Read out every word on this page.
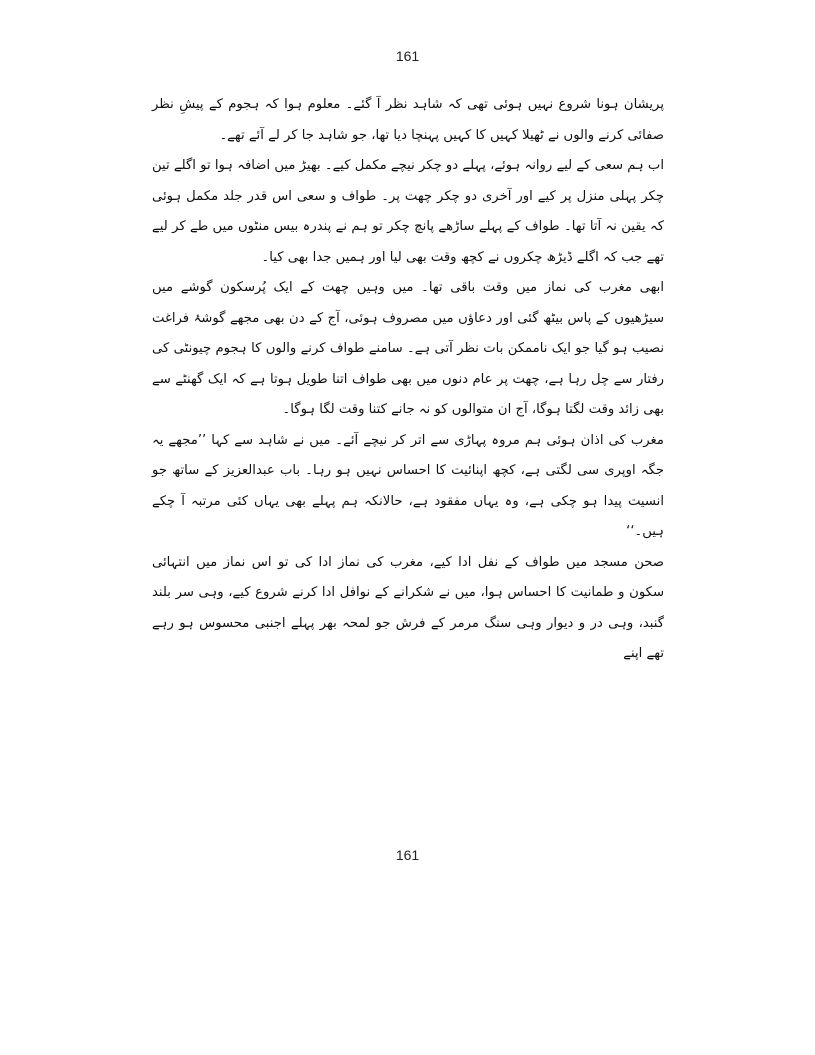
161

پریشان ہونا شروع نہیں ہوئی تھی کہ شاہد نظر آ گئے۔ معلوم ہوا کہ ہجوم کے پیشِ نظر صفائی کرنے والوں نے ٹھیلا کہیں کا کہیں پہنچا دیا تھا، جو شاہد جا کر لے آئے تھے۔

اب ہم سعی کے لیے روانہ ہوئے، پہلے دو چکر نیچے مکمل کیے۔ بھیڑ میں اضافہ ہوا تو اگلے تین چکر پہلی منزل پر کیے اور آخری دو چکر چھت پر۔ طواف و سعی اس قدر جلد مکمل ہوئی کہ یقین نہ آتا تھا۔ طواف کے پہلے ساڑھے پانچ چکر تو ہم نے پندرہ بیس منٹوں میں طے کر لیے تھے جب کہ اگلے ڈیڑھ چکروں نے کچھ وقت بھی لیا اور ہمیں جدا بھی کیا۔

ابھی مغرب کی نماز میں وقت باقی تھا۔ میں وہیں چھت کے ایک پُرسکون گوشے میں سیڑھیوں کے پاس بیٹھ گئی اور دعاؤں میں مصروف ہوئی، آج کے دن بھی مجھے گوشۂ فراغت نصیب ہو گیا جو ایک ناممکن بات نظر آتی ہے۔ سامنے طواف کرنے والوں کا ہجوم چیونٹی کی رفتار سے چل رہا ہے، چھت پر عام دنوں میں بھی طواف اتنا طویل ہوتا ہے کہ ایک گھنٹے سے بھی زائد وقت لگتا ہوگا، آج ان متوالوں کو نہ جانے کتنا وقت لگا ہوگا۔

مغرب کی اذان ہوئی ہم مروہ پہاڑی سے اتر کر نیچے آئے۔ میں نے شاہد سے کہا ’’مجھے یہ جگہ اوپری سی لگتی ہے، کچھ اپنائیت کا احساس نہیں ہو رہا۔ باب عبدالعزیز کے ساتھ جو انسیت پیدا ہو چکی ہے، وہ یہاں مفقود ہے، حالانکہ ہم پہلے بھی یہاں کئی مرتبہ آ چکے ہیں۔‘‘

صحن مسجد میں طواف کے نفل ادا کیے، مغرب کی نماز ادا کی تو اس نماز میں انتہائی سکون و طمانیت کا احساس ہوا، میں نے شکرانے کے نوافل ادا کرنے شروع کیے، وہی سر بلند گنبد، وہی در و دیوار وہی سنگ مرمر کے فرش جو لمحہ بھر پہلے اجنبی محسوس ہو رہے تھے اپنے

161
